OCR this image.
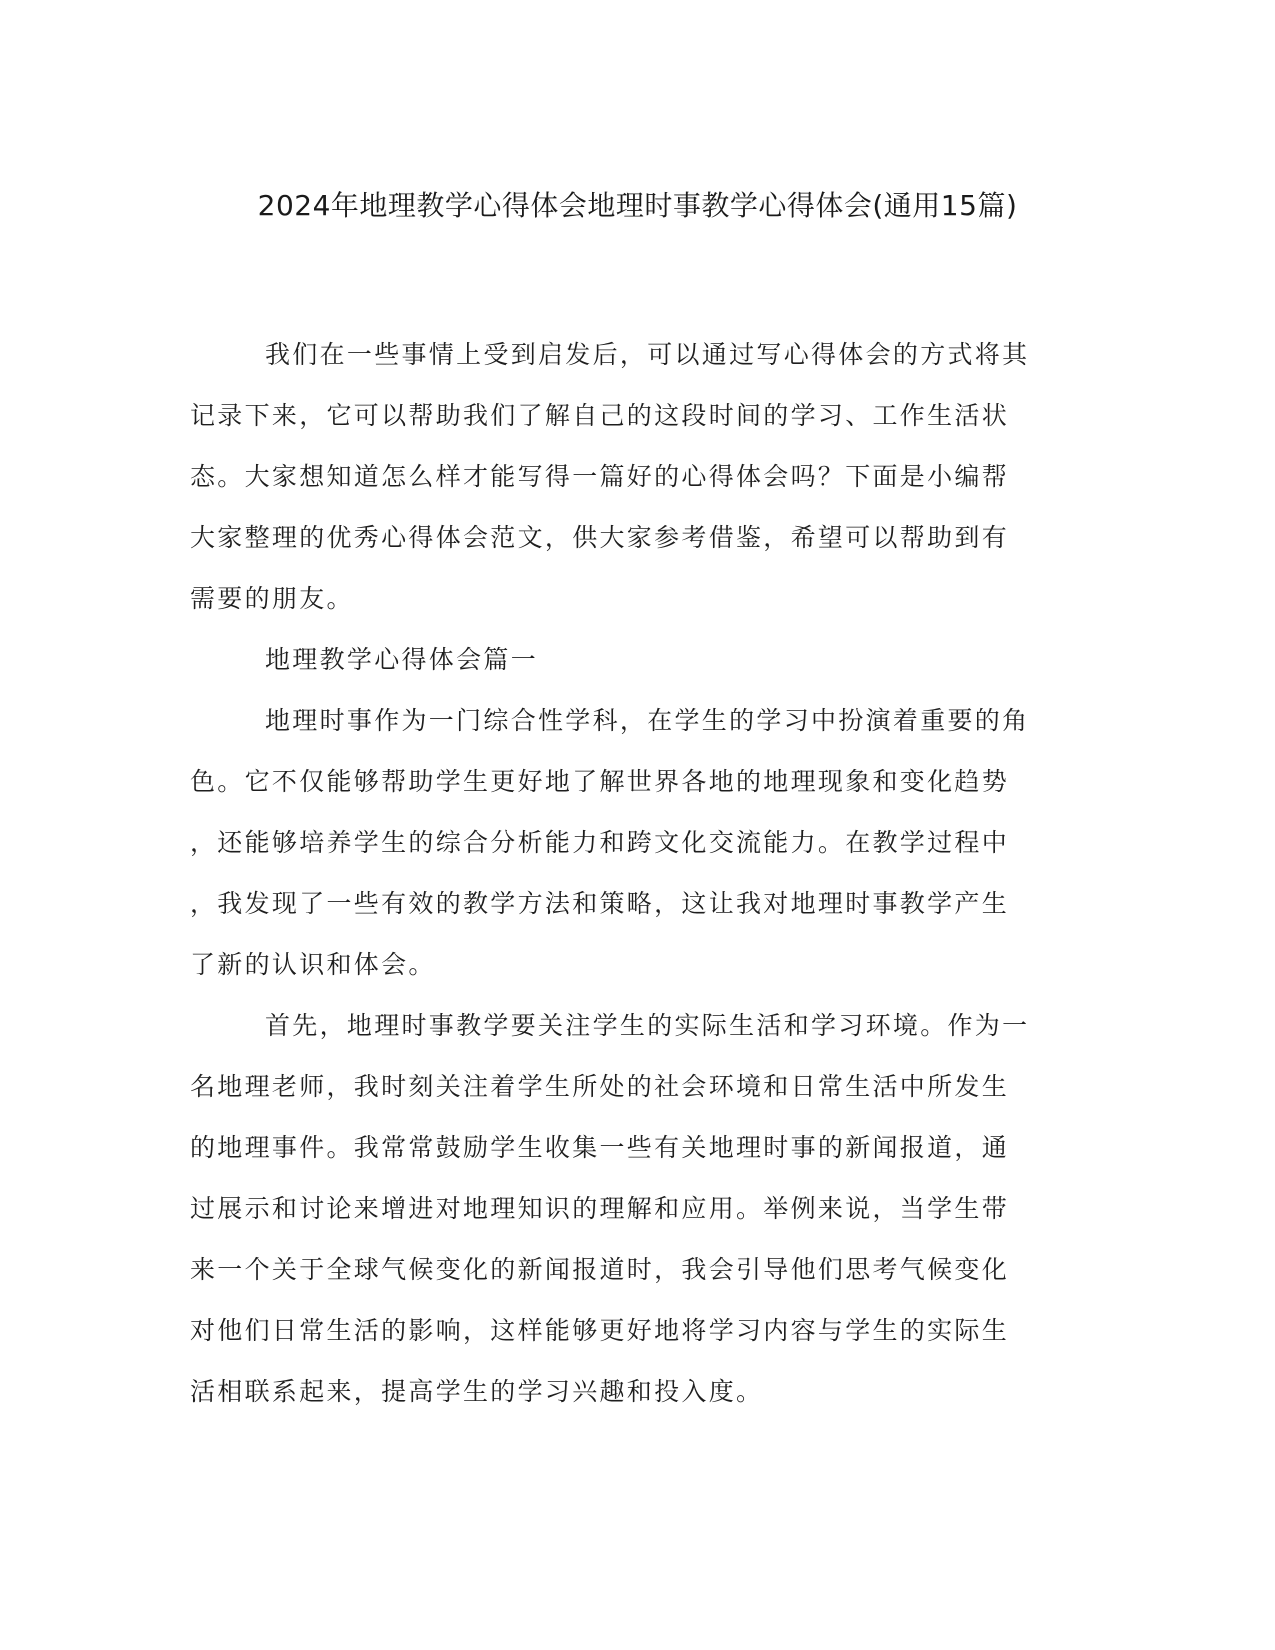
2024年地理教学心得体会地理时事教学心得体会(通用15篇)
我们在一些事情上受到启发后，可以通过写心得体会的方式将其
记录下来，它可以帮助我们了解自己的这段时间的学习、工作生活状
态。大家想知道怎么样才能写得一篇好的心得体会吗？下面是小编帮
大家整理的优秀心得体会范文，供大家参考借鉴，希望可以帮助到有
需要的朋友。
地理教学心得体会篇一
地理时事作为一门综合性学科，在学生的学习中扮演着重要的角
色。它不仅能够帮助学生更好地了解世界各地的地理现象和变化趋势
，还能够培养学生的综合分析能力和跨文化交流能力。在教学过程中
，我发现了一些有效的教学方法和策略，这让我对地理时事教学产生
了新的认识和体会。
首先，地理时事教学要关注学生的实际生活和学习环境。作为一
名地理老师，我时刻关注着学生所处的社会环境和日常生活中所发生
的地理事件。我常常鼓励学生收集一些有关地理时事的新闻报道，通
过展示和讨论来增进对地理知识的理解和应用。举例来说，当学生带
来一个关于全球气候变化的新闻报道时，我会引导他们思考气候变化
对他们日常生活的影响，这样能够更好地将学习内容与学生的实际生
活相联系起来，提高学生的学习兴趣和投入度。
